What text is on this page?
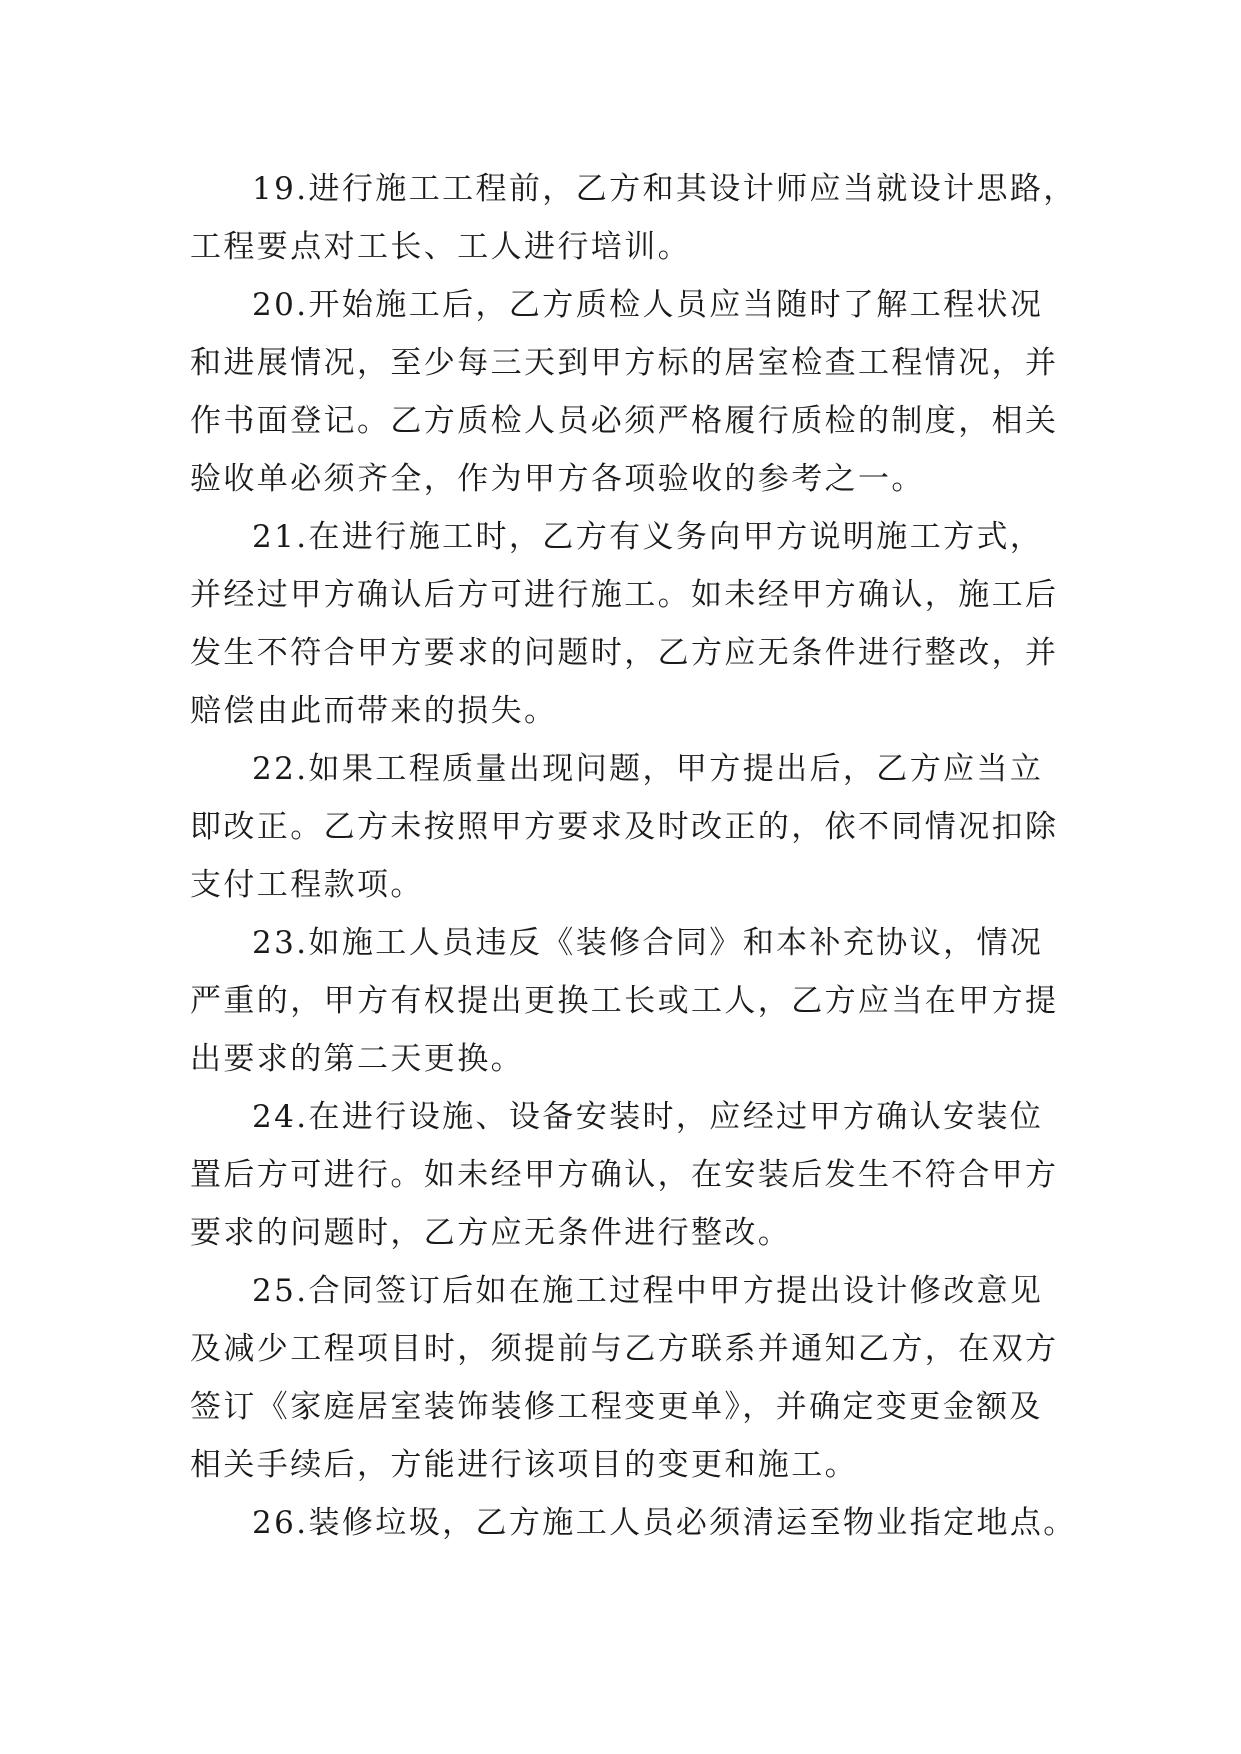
19.进行施工工程前，乙方和其设计师应当就设计思路，
工程要点对工长、工人进行培训。
20.开始施工后，乙方质检人员应当随时了解工程状况
和进展情况，至少每三天到甲方标的居室检查工程情况，并
作书面登记。乙方质检人员必须严格履行质检的制度，相关
验收单必须齐全，作为甲方各项验收的参考之一。
21.在进行施工时，乙方有义务向甲方说明施工方式，
并经过甲方确认后方可进行施工。如未经甲方确认，施工后
发生不符合甲方要求的问题时，乙方应无条件进行整改，并
赔偿由此而带来的损失。
22.如果工程质量出现问题，甲方提出后，乙方应当立
即改正。乙方未按照甲方要求及时改正的，依不同情况扣除
支付工程款项。
23.如施工人员违反《装修合同》和本补充协议，情况
严重的，甲方有权提出更换工长或工人，乙方应当在甲方提
出要求的第二天更换。
24.在进行设施、设备安装时，应经过甲方确认安装位
置后方可进行。如未经甲方确认，在安装后发生不符合甲方
要求的问题时，乙方应无条件进行整改。
25.合同签订后如在施工过程中甲方提出设计修改意见
及减少工程项目时，须提前与乙方联系并通知乙方，在双方
签订《家庭居室装饰装修工程变更单》，并确定变更金额及
相关手续后，方能进行该项目的变更和施工。
26.装修垃圾，乙方施工人员必须清运至物业指定地点。
